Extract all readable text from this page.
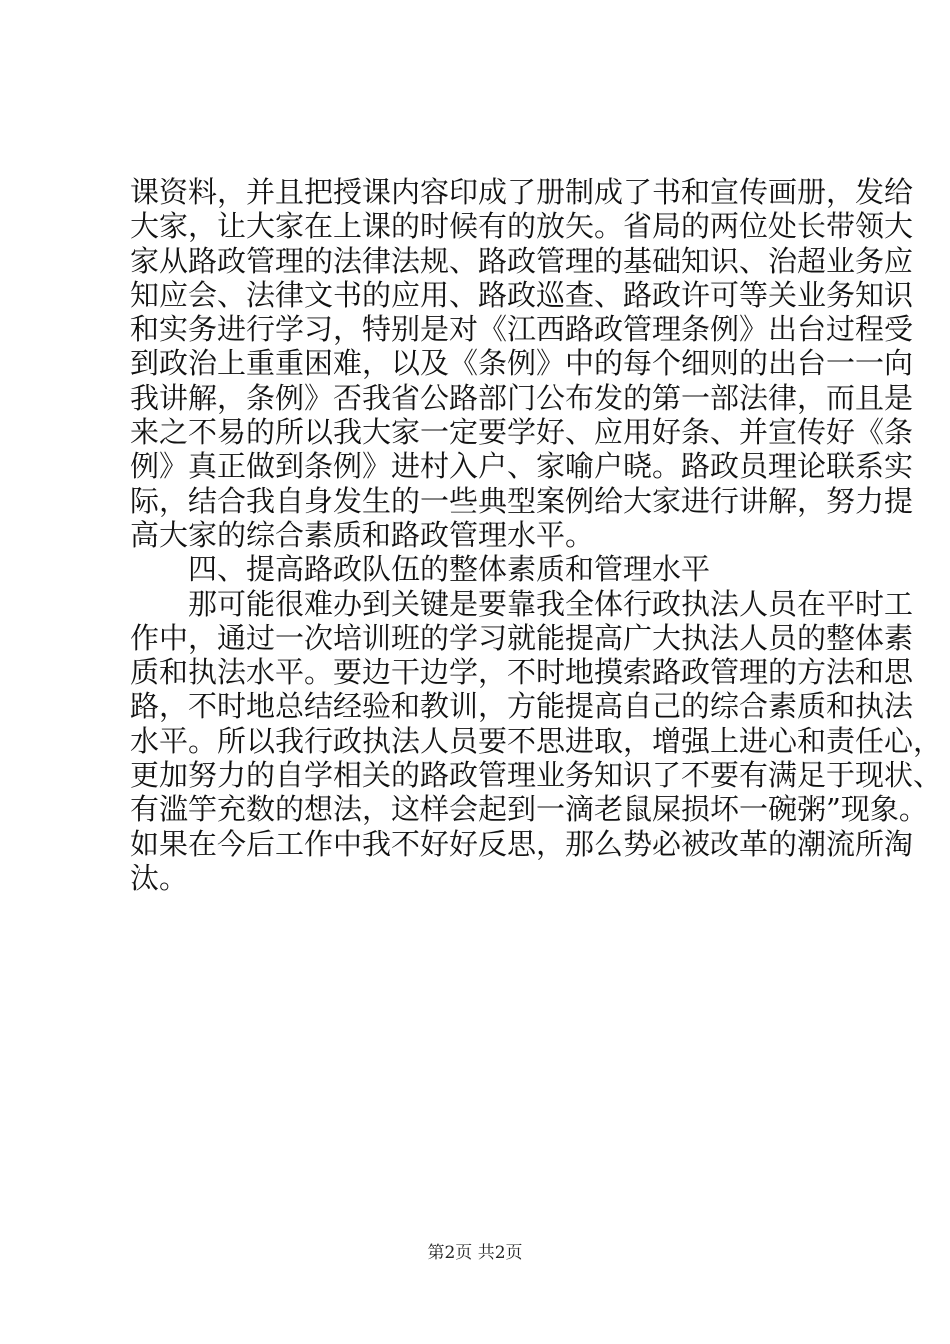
课资料，并且把授课内容印成了册制成了书和宣传画册，发给
大家，让大家在上课的时候有的放矢。省局的两位处长带领大
家从路政管理的法律法规、路政管理的基础知识、治超业务应
知应会、法律文书的应用、路政巡查、路政许可等关业务知识
和实务进行学习，特别是对《江西路政管理条例》出台过程受
到政治上重重困难，以及《条例》中的每个细则的出台一一向
我讲解，条例》否我省公路部门公布发的第一部法律，而且是
来之不易的所以我大家一定要学好、应用好条、并宣传好《条
例》真正做到条例》进村入户、家喻户晓。路政员理论联系实
际，结合我自身发生的一些典型案例给大家进行讲解，努力提
高大家的综合素质和路政管理水平。
四、提高路政队伍的整体素质和管理水平
那可能很难办到关键是要靠我全体行政执法人员在平时工
作中，通过一次培训班的学习就能提高广大执法人员的整体素
质和执法水平。要边干边学，不时地摸索路政管理的方法和思
路，不时地总结经验和教训，方能提高自己的综合素质和执法
水平。所以我行政执法人员要不思进取，增强上进心和责任心，
更加努力的自学相关的路政管理业务知识了不要有满足于现状、
有滥竽充数的想法，这样会起到一滴老鼠屎损坏一碗粥”现象。
如果在今后工作中我不好好反思，那么势必被改革的潮流所淘
汰。
第2页 共2页
